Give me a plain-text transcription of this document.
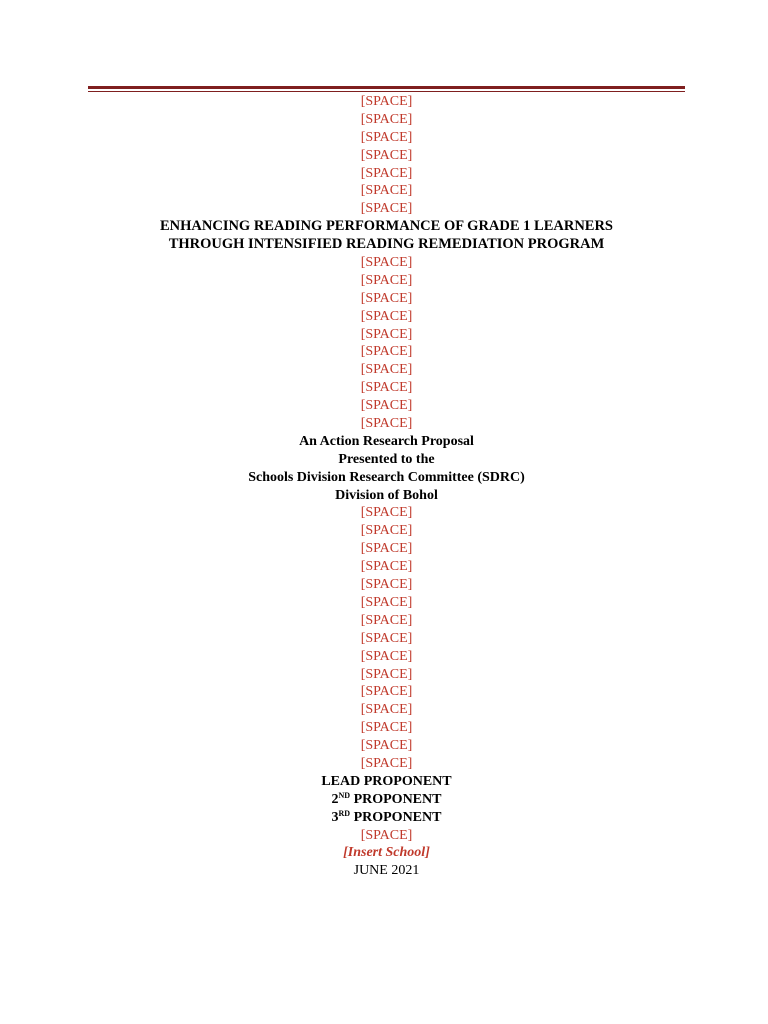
[SPACE]
[SPACE]
[SPACE]
[SPACE]
[SPACE]
[SPACE]
[SPACE]
ENHANCING READING PERFORMANCE OF GRADE 1 LEARNERS
THROUGH INTENSIFIED READING REMEDIATION PROGRAM
[SPACE]
[SPACE]
[SPACE]
[SPACE]
[SPACE]
[SPACE]
[SPACE]
[SPACE]
[SPACE]
[SPACE]
An Action Research Proposal
Presented to the
Schools Division Research Committee (SDRC)
Division of Bohol
[SPACE]
[SPACE]
[SPACE]
[SPACE]
[SPACE]
[SPACE]
[SPACE]
[SPACE]
[SPACE]
[SPACE]
[SPACE]
[SPACE]
[SPACE]
[SPACE]
[SPACE]
LEAD PROPONENT
2ND PROPONENT
3RD PROPONENT
[SPACE]
[Insert School]
JUNE 2021
